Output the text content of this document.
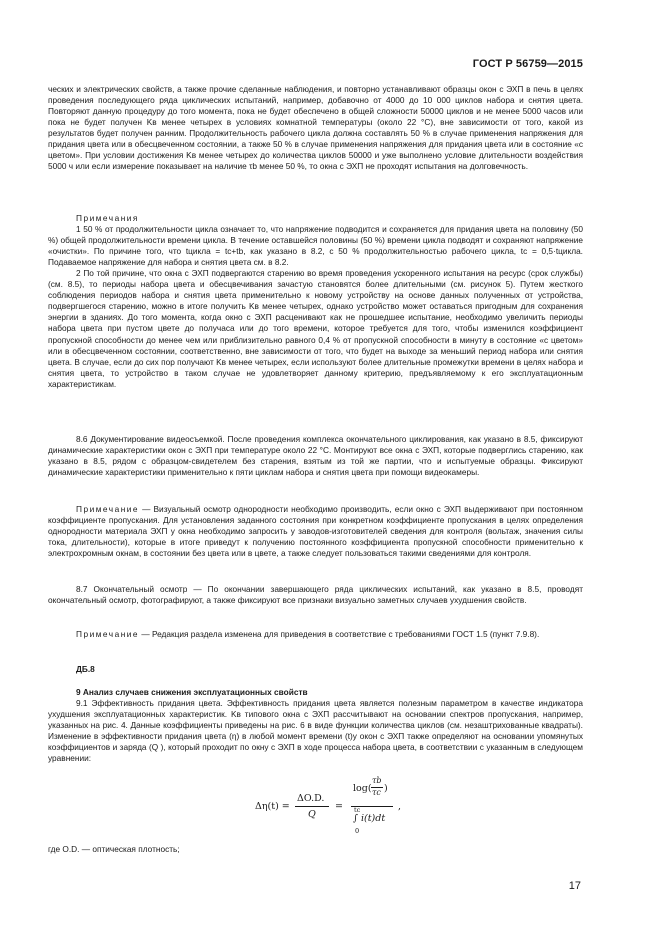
ГОСТ Р 56759—2015

ческих и электрических свойств, а также прочие сделанные наблюдения, и повторно устанавливают образцы окон с ЭХП в печь в целях проведения последующего ряда циклических испытаний, например, добавочно от 4000 до 10 000 циклов набора и снятия цвета. Повторяют данную процедуру до того момента, пока не будет обеспечено в общей сложности 50000 циклов и не менее 5000 часов или пока не будет получен Kв менее четырех в условиях комнатной температуры (около 22 °С), вне зависимости от того, какой из результатов будет получен ранним. Продолжительность рабочего цикла должна составлять 50 % в случае применения напряжения для придания цвета или в обесцвеченном состоянии, а также 50 % в случае применения напряжения для придания цвета или в состояние «с цветом». При условии достижения Kв менее четырех до количества циклов 50000 и уже выполнено условие длительности воздействия 5000 ч или если измерение показывает на наличие τb менее 50 %, то окна с ЭХП не проходят испытания на долговечность.

Примечания

1 50 % от продолжительности цикла означает то, что напряжение подводится и сохраняется для придания цвета на половину (50 %) общей продолжительности времени цикла. В течение оставшейся половины (50 %) времени цикла подводят и сохраняют напряжение «очистки». По причине того, что tцикла = tc+tb, как указано в 8.2, с 50 % продолжительностью рабочего цикла, tc = 0,5·tцикла. Подаваемое напряжение для набора и снятия цвета см. в 8.2.

2 По той причине, что окна с ЭХП подвергаются старению во время проведения ускоренного испытания на ресурс (срок службы) (см. 8.5), то периоды набора цвета и обесцвечивания зачастую становятся более длительными (см. рисунок 5). Путем жесткого соблюдения периодов набора и снятия цвета применительно к новому устройству на основе данных полученных от устройства, подвергшегося старению, можно в итоге получить Kв менее четырех, однако устройство может оставаться пригодным для сохранения энергии в зданиях. До того момента, когда окно с ЭХП расценивают как не прошедшее испытание, необходимо увеличить периоды набора цвета при пустом цвете до получаса или до того времени, которое требуется для того, чтобы изменился коэффициент пропускной способности до менее чем или приблизительно равного 0,4 % от пропускной способности в минуту в состояние «с цветом» или в обесцвеченном состоянии, соответственно, вне зависимости от того, что будет на выходе за меньший период набора или снятия цвета. В случае, если до сих пор получают Kв менее четырех, если используют более длительные промежутки времени в целях набора и снятия цвета, то устройство в таком случае не удовлетворяет данному критерию, предъявляемому к его эксплуатационным характеристикам.

8.6 Документирование видеосъемкой. После проведения комплекса окончательного циклирования, как указано в 8.5, фиксируют динамические характеристики окон с ЭХП при температуре около 22 °С. Монтируют все окна с ЭХП, которые подверглись старению, как указано в 8.5, рядом с образцом-свидетелем без старения, взятым из той же партии, что и испытуемые образцы. Фиксируют динамические характеристики применительно к пяти циклам набора и снятия цвета при помощи видеокамеры.

Примечание — Визуальный осмотр однородности необходимо производить, если окно с ЭХП выдерживают при постоянном коэффициенте пропускания. Для установления заданного состояния при конкретном коэффициенте пропускания в целях определения однородности материала ЭХП у окна необходимо запросить у заводов-изготовителей сведения для контроля (вольтаж, значения силы тока, длительности), которые в итоге приведут к получению постоянного коэффициента пропускной способности применительно к электрохромным окнам, в состоянии без цвета или в цвете, а также следует пользоваться такими сведениями для контроля.

8.7 Окончательный осмотр — По окончании завершающего ряда циклических испытаний, как указано в 8.5, проводят окончательный осмотр, фотографируют, а также фиксируют все признаки визуально заметных случаев ухудшения свойств.

Примечание — Редакция раздела изменена для приведения в соответствие с требованиями ГОСТ 1.5 (пункт 7.9.8).

ДБ.8

9 Анализ случаев снижения эксплуатационных свойств

9.1 Эффективность придания цвета. Эффективность придания цвета является полезным параметром в качестве индикатора ухудшения эксплуатационных характеристик. Kв типового окна с ЭХП рассчитывают на основании спектров пропускания, например, указанных на рис. 4. Данные коэффициенты приведены на рис. 6 в виде функции количества циклов (см. незаштрихованные квадраты). Изменение в эффективности придания цвета (η) в любой момент времени (t)у окон с ЭХП также определяют на основании упомянутых коэффициентов и заряда (Q ), который проходит по окну с ЭХП в ходе процесса набора цвета, в соответствии с указанным в следующем уравнении:

Δη(t) =
ΔO.D.
Q
=
log(
τb
τc )
tc
∫ i(t)dt
0
,
где O.D. — оптическая плотность;
17
